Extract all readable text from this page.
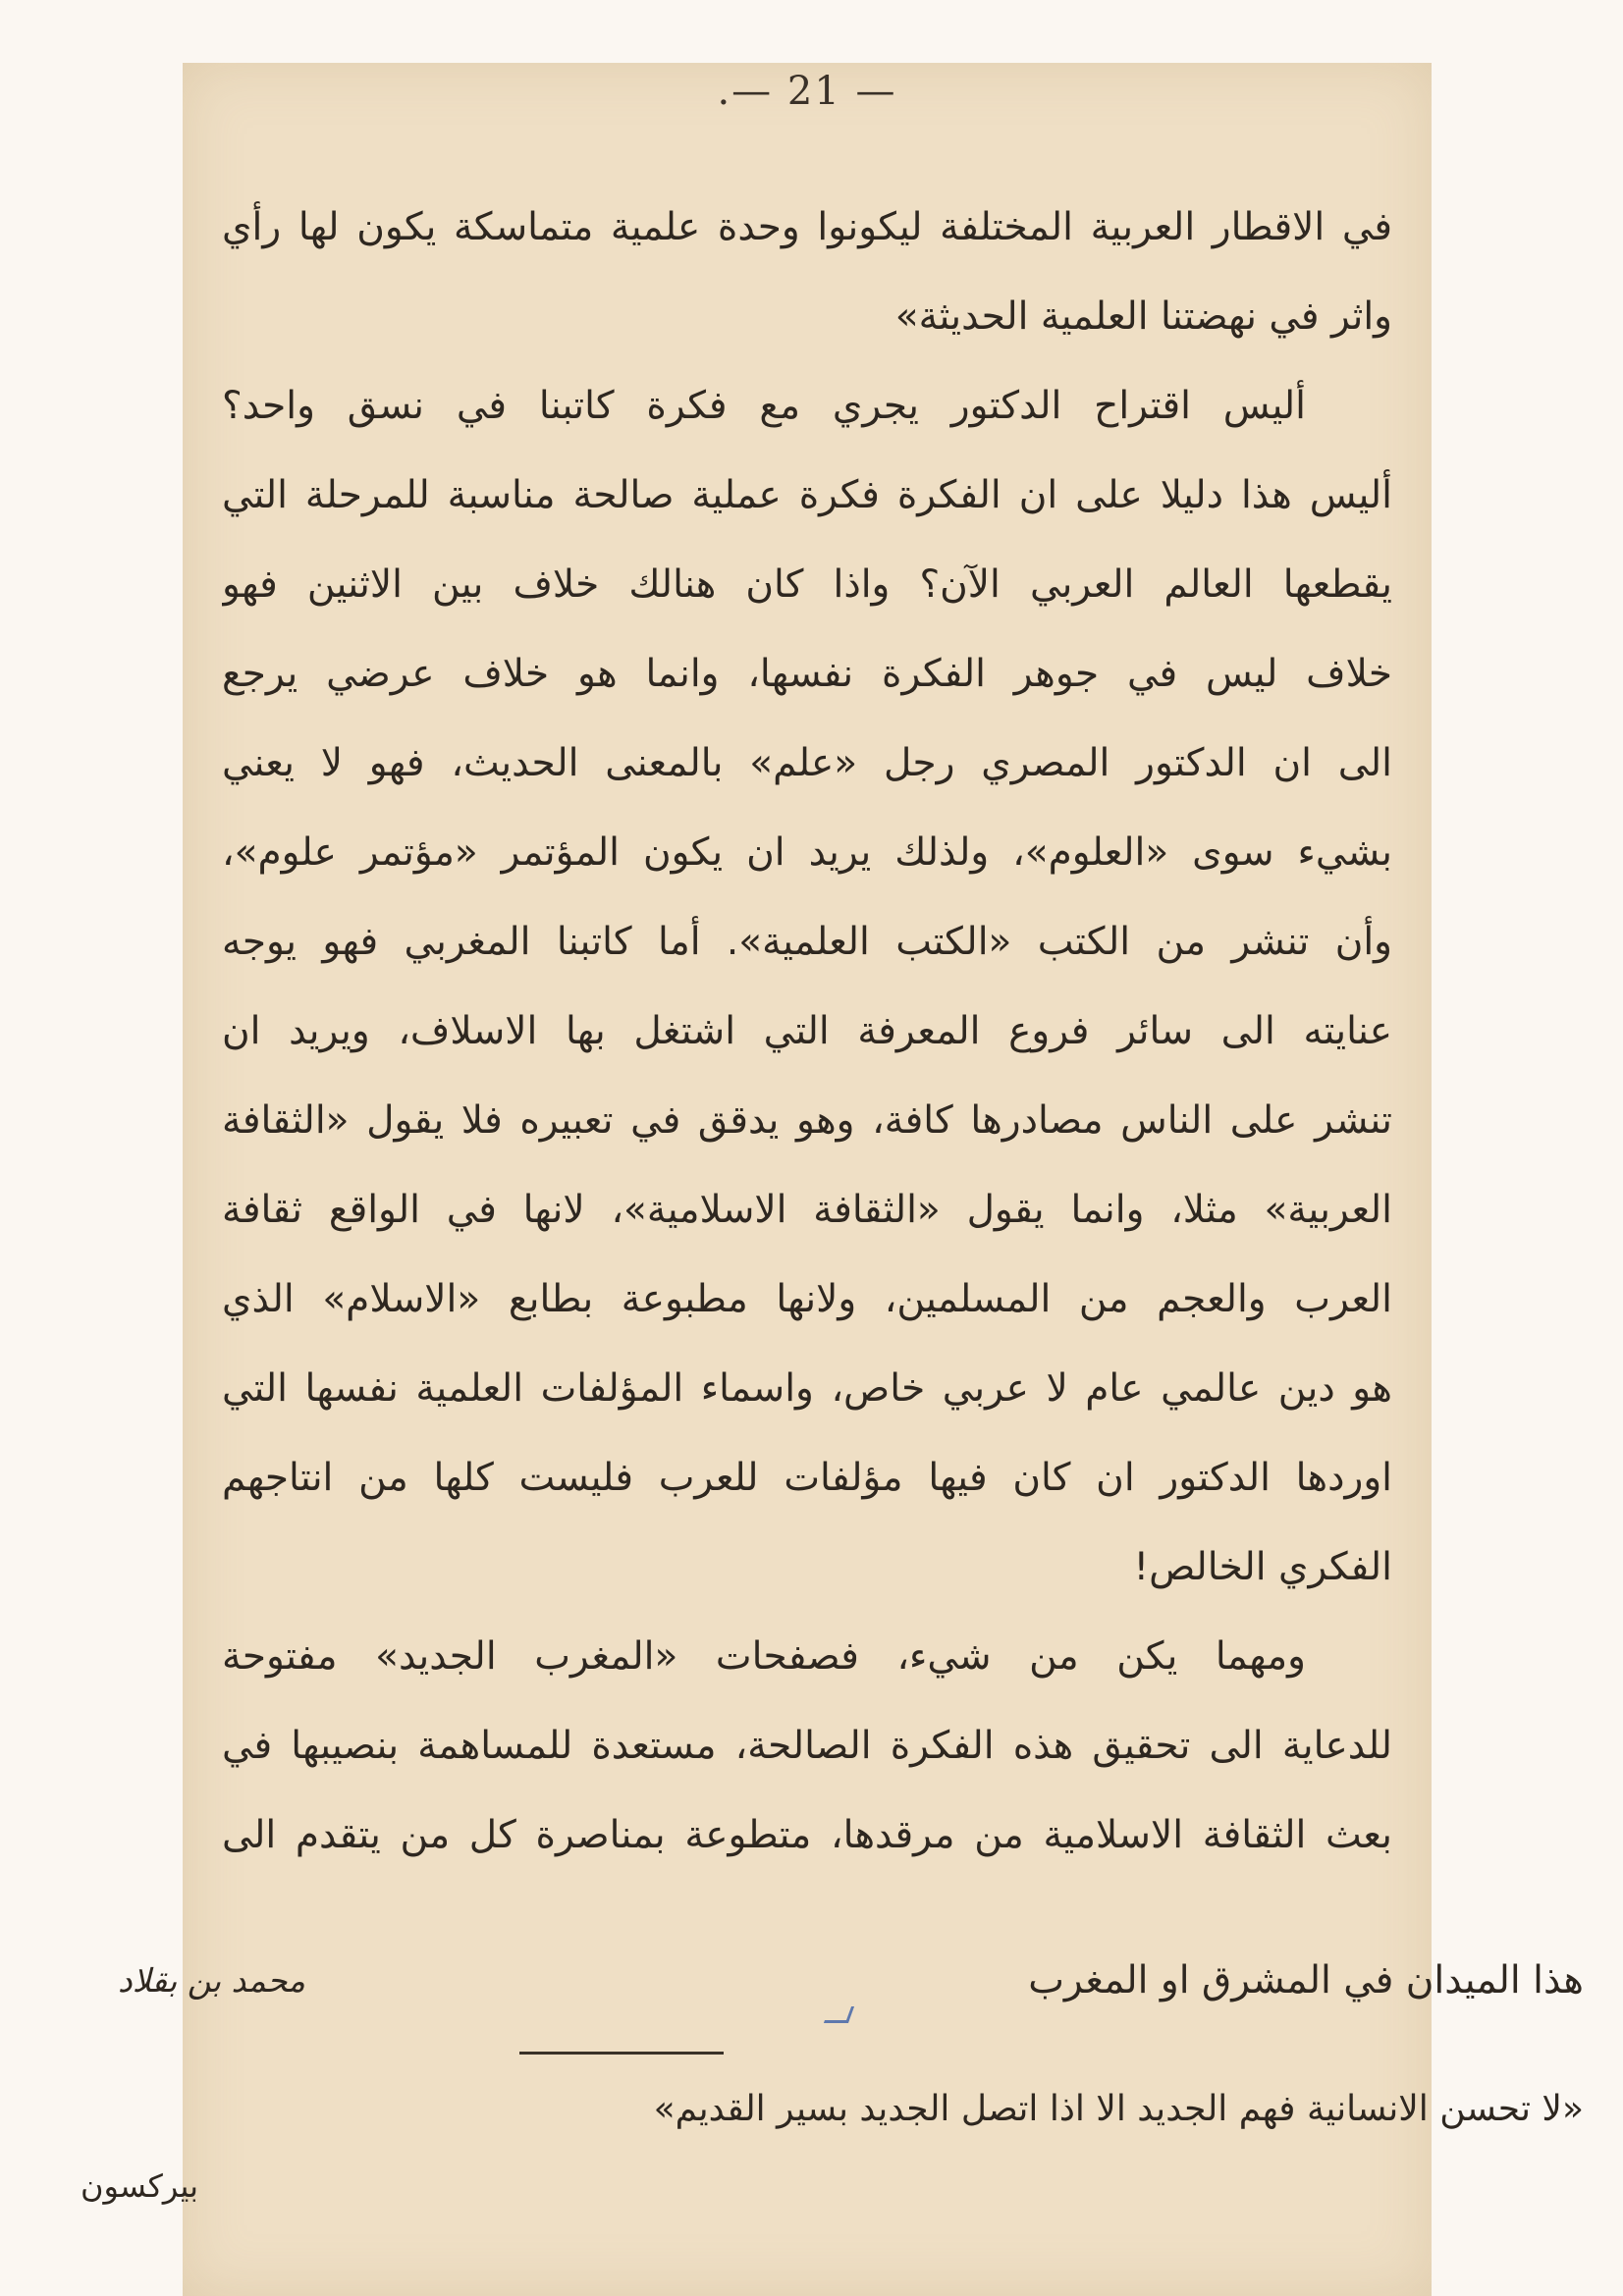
.— 21 —
في الاقطار العربية المختلفة ليكونوا وحدة علمية متماسكة يكون لها رأي
واثر في نهضتنا العلمية الحديثة»
أليس اقتراح الدكتور يجري مع فكرة كاتبنا في نسق واحد؟
أليس هذا دليلا على ان الفكرة فكرة عملية صالحة مناسبة للمرحلة التي
يقطعها العالم العربي الآن؟ واذا كان هنالك خلاف بين الاثنين فهو
خلاف ليس في جوهر الفكرة نفسها، وانما هو خلاف عرضي يرجع
الى ان الدكتور المصري رجل «علم» بالمعنى الحديث، فهو لا يعني
بشيء سوى «العلوم»، ولذلك يريد ان يكون المؤتمر «مؤتمر علوم»،
وأن تنشر من الكتب «الكتب العلمية». أما كاتبنا المغربي فهو يوجه
عنايته الى سائر فروع المعرفة التي اشتغل بها الاسلاف، ويريد ان
تنشر على الناس مصادرها كافة، وهو يدقق في تعبيره فلا يقول «الثقافة
العربية» مثلا، وانما يقول «الثقافة الاسلامية»، لانها في الواقع ثقافة
العرب والعجم من المسلمين، ولانها مطبوعة بطابع «الاسلام» الذي
هو دين عالمي عام لا عربي خاص، واسماء المؤلفات العلمية نفسها التي
اوردها الدكتور ان كان فيها مؤلفات للعرب فليست كلها من انتاجهم
الفكري الخالص!
ومهما يكن من شيء، فصفحات «المغرب الجديد» مفتوحة
للدعاية الى تحقيق هذه الفكرة الصالحة، مستعدة للمساهمة بنصيبها في
بعث الثقافة الاسلامية من مرقدها، متطوعة بمناصرة كل من يتقدم الى
هذا الميدان في المشرق او المغرب
محمد بن بقلاد
«لا تحسن الانسانية فهم الجديد الا اذا اتصل الجديد بسير القديم»
بيركسون
